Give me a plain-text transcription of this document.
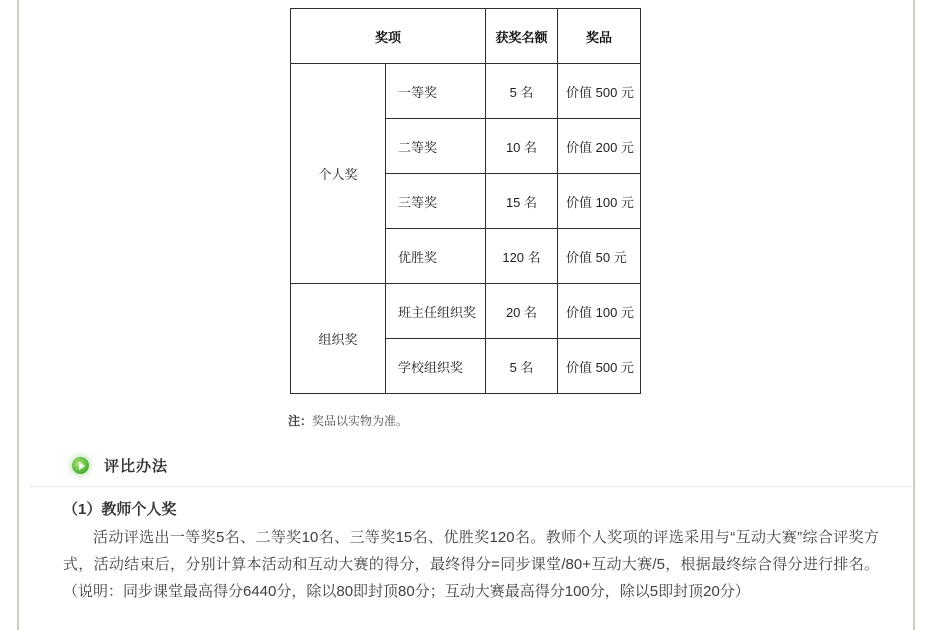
奖项		获奖名额	奖品
个人奖	一等奖	5 名	价值 500 元
	二等奖	10 名	价值 200 元
	三等奖	15 名	价值 100 元
	优胜奖	120 名	价值 50 元
组织奖	班主任组织奖	20 名	价值 100 元
	学校组织奖	5 名	价值 500 元
注：奖品以实物为准。
评比办法
（1）教师个人奖
活动评选出一等奖5名、二等奖10名、三等奖15名、优胜奖120名。教师个人奖项的评选采用与“互动大赛”综合评奖方式，活动结束后，分别计算本活动和互动大赛的得分，最终得分=同步课堂/80+互动大赛/5，根据最终综合得分进行排名。（说明：同步课堂最高得分6440分，除以80即封顶80分；互动大赛最高得分100分，除以5即封顶20分）
